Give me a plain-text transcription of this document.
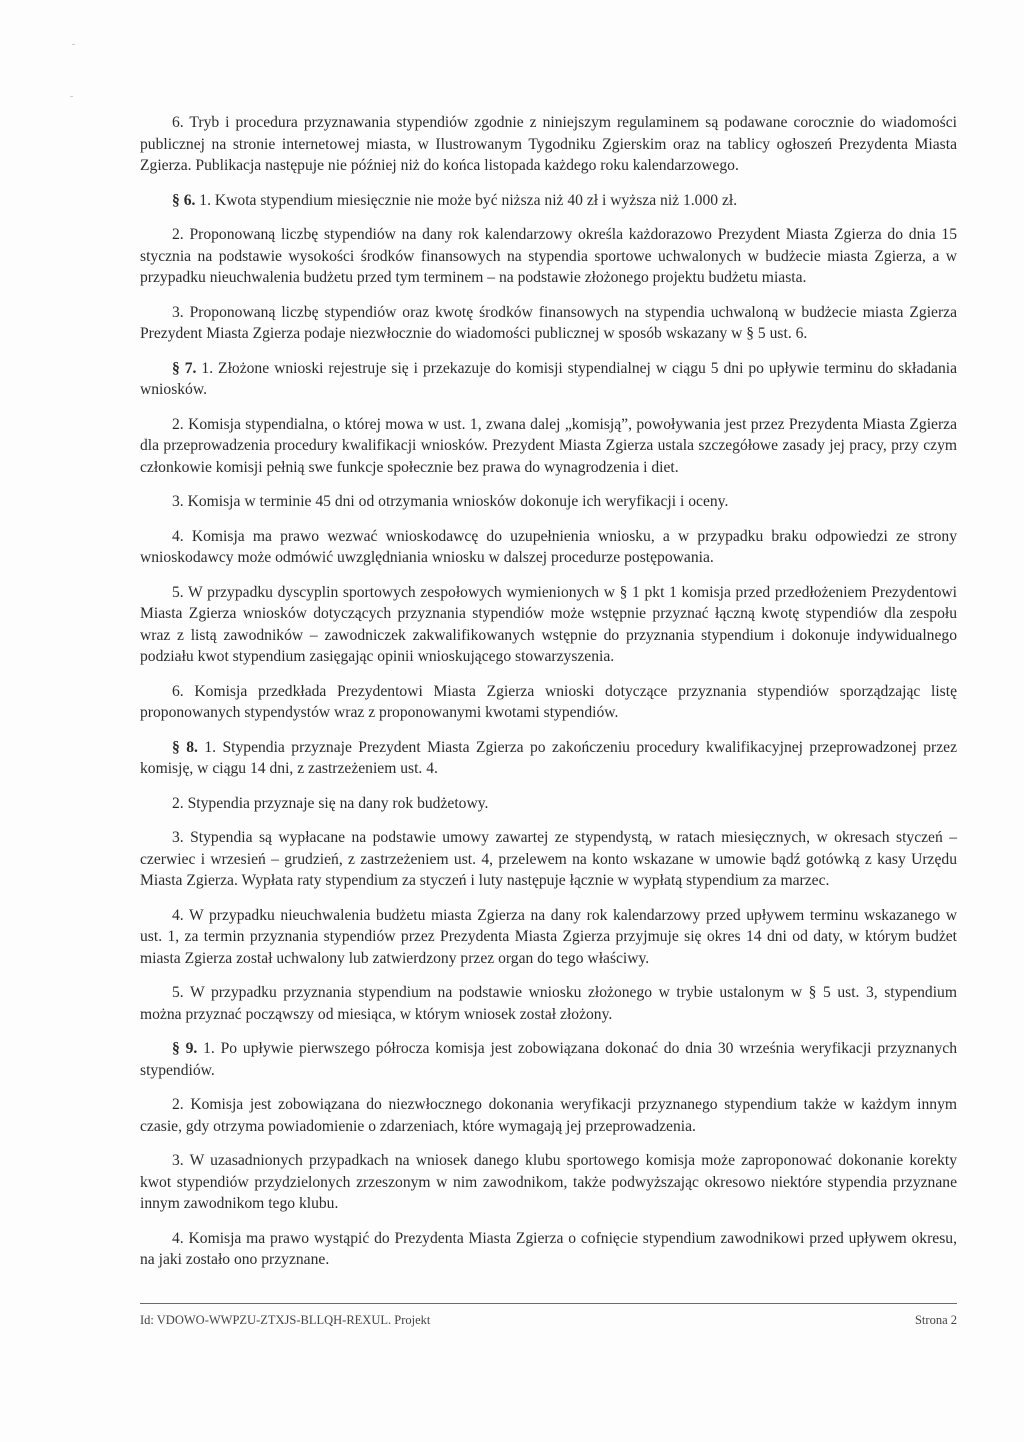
6. Tryb i procedura przyznawania stypendiów zgodnie z niniejszym regulaminem są podawane corocznie do wiadomości publicznej na stronie internetowej miasta, w Ilustrowanym Tygodniku Zgierskim oraz na tablicy ogłoszeń Prezydenta Miasta Zgierza. Publikacja następuje nie później niż do końca listopada każdego roku kalendarzowego.

§ 6. 1. Kwota stypendium miesięcznie nie może być niższa niż 40 zł i wyższa niż 1.000 zł.

2. Proponowaną liczbę stypendiów na dany rok kalendarzowy określa każdorazowo Prezydent Miasta Zgierza do dnia 15 stycznia na podstawie wysokości środków finansowych na stypendia sportowe uchwalonych w budżecie miasta Zgierza, a w przypadku nieuchwalenia budżetu przed tym terminem – na podstawie złożonego projektu budżetu miasta.

3. Proponowaną liczbę stypendiów oraz kwotę środków finansowych na stypendia uchwaloną w budżecie miasta Zgierza Prezydent Miasta Zgierza podaje niezwłocznie do wiadomości publicznej w sposób wskazany w § 5 ust. 6.

§ 7. 1. Złożone wnioski rejestruje się i przekazuje do komisji stypendialnej w ciągu 5 dni po upływie terminu do składania wniosków.

2. Komisja stypendialna, o której mowa w ust. 1, zwana dalej „komisją”, powoływania jest przez Prezydenta Miasta Zgierza dla przeprowadzenia procedury kwalifikacji wniosków. Prezydent Miasta Zgierza ustala szczegółowe zasady jej pracy, przy czym członkowie komisji pełnią swe funkcje społecznie bez prawa do wynagrodzenia i diet.

3. Komisja w terminie 45 dni od otrzymania wniosków dokonuje ich weryfikacji i oceny.

4. Komisja ma prawo wezwać wnioskodawcę do uzupełnienia wniosku, a w przypadku braku odpowiedzi ze strony wnioskodawcy może odmówić uwzględniania wniosku w dalszej procedurze postępowania.

5. W przypadku dyscyplin sportowych zespołowych wymienionych w § 1 pkt 1 komisja przed przedłożeniem Prezydentowi Miasta Zgierza wniosków dotyczących przyznania stypendiów może wstępnie przyznać łączną kwotę stypendiów dla zespołu wraz z listą zawodników – zawodniczek zakwalifikowanych wstępnie do przyznania stypendium i dokonuje indywidualnego podziału kwot stypendium zasięgając opinii wnioskującego stowarzyszenia.

6. Komisja przedkłada Prezydentowi Miasta Zgierza wnioski dotyczące przyznania stypendiów sporządzając listę proponowanych stypendystów wraz z proponowanymi kwotami stypendiów.

§ 8. 1. Stypendia przyznaje Prezydent Miasta Zgierza po zakończeniu procedury kwalifikacyjnej przeprowadzonej przez komisję, w ciągu 14 dni, z zastrzeżeniem ust. 4.

2. Stypendia przyznaje się na dany rok budżetowy.

3. Stypendia są wypłacane na podstawie umowy zawartej ze stypendystą, w ratach miesięcznych, w okresach styczeń – czerwiec i wrzesień – grudzień, z zastrzeżeniem ust. 4, przelewem na konto wskazane w umowie bądź gotówką z kasy Urzędu Miasta Zgierza. Wypłata raty stypendium za styczeń i luty następuje łącznie w wypłatą stypendium za marzec.

4. W przypadku nieuchwalenia budżetu miasta Zgierza na dany rok kalendarzowy przed upływem terminu wskazanego w ust. 1, za termin przyznania stypendiów przez Prezydenta Miasta Zgierza przyjmuje się okres 14 dni od daty, w którym budżet miasta Zgierza został uchwalony lub zatwierdzony przez organ do tego właściwy.

5. W przypadku przyznania stypendium na podstawie wniosku złożonego w trybie ustalonym w § 5 ust. 3, stypendium można przyznać począwszy od miesiąca, w którym wniosek został złożony.

§ 9. 1. Po upływie pierwszego półrocza komisja jest zobowiązana dokonać do dnia 30 września weryfikacji przyznanych stypendiów.

2. Komisja jest zobowiązana do niezwłocznego dokonania weryfikacji przyznanego stypendium także w każdym innym czasie, gdy otrzyma powiadomienie o zdarzeniach, które wymagają jej przeprowadzenia.

3. W uzasadnionych przypadkach na wniosek danego klubu sportowego komisja może zaproponować dokonanie korekty kwot stypendiów przydzielonych zrzeszonym w nim zawodnikom, także podwyższając okresowo niektóre stypendia przyznane innym zawodnikom tego klubu.

4. Komisja ma prawo wystąpić do Prezydenta Miasta Zgierza o cofnięcie stypendium zawodnikowi przed upływem okresu, na jaki zostało ono przyznane.

Id: VDOWO-WWPZU-ZTXJS-BLLQH-REXUL. Projekt	Strona 2
